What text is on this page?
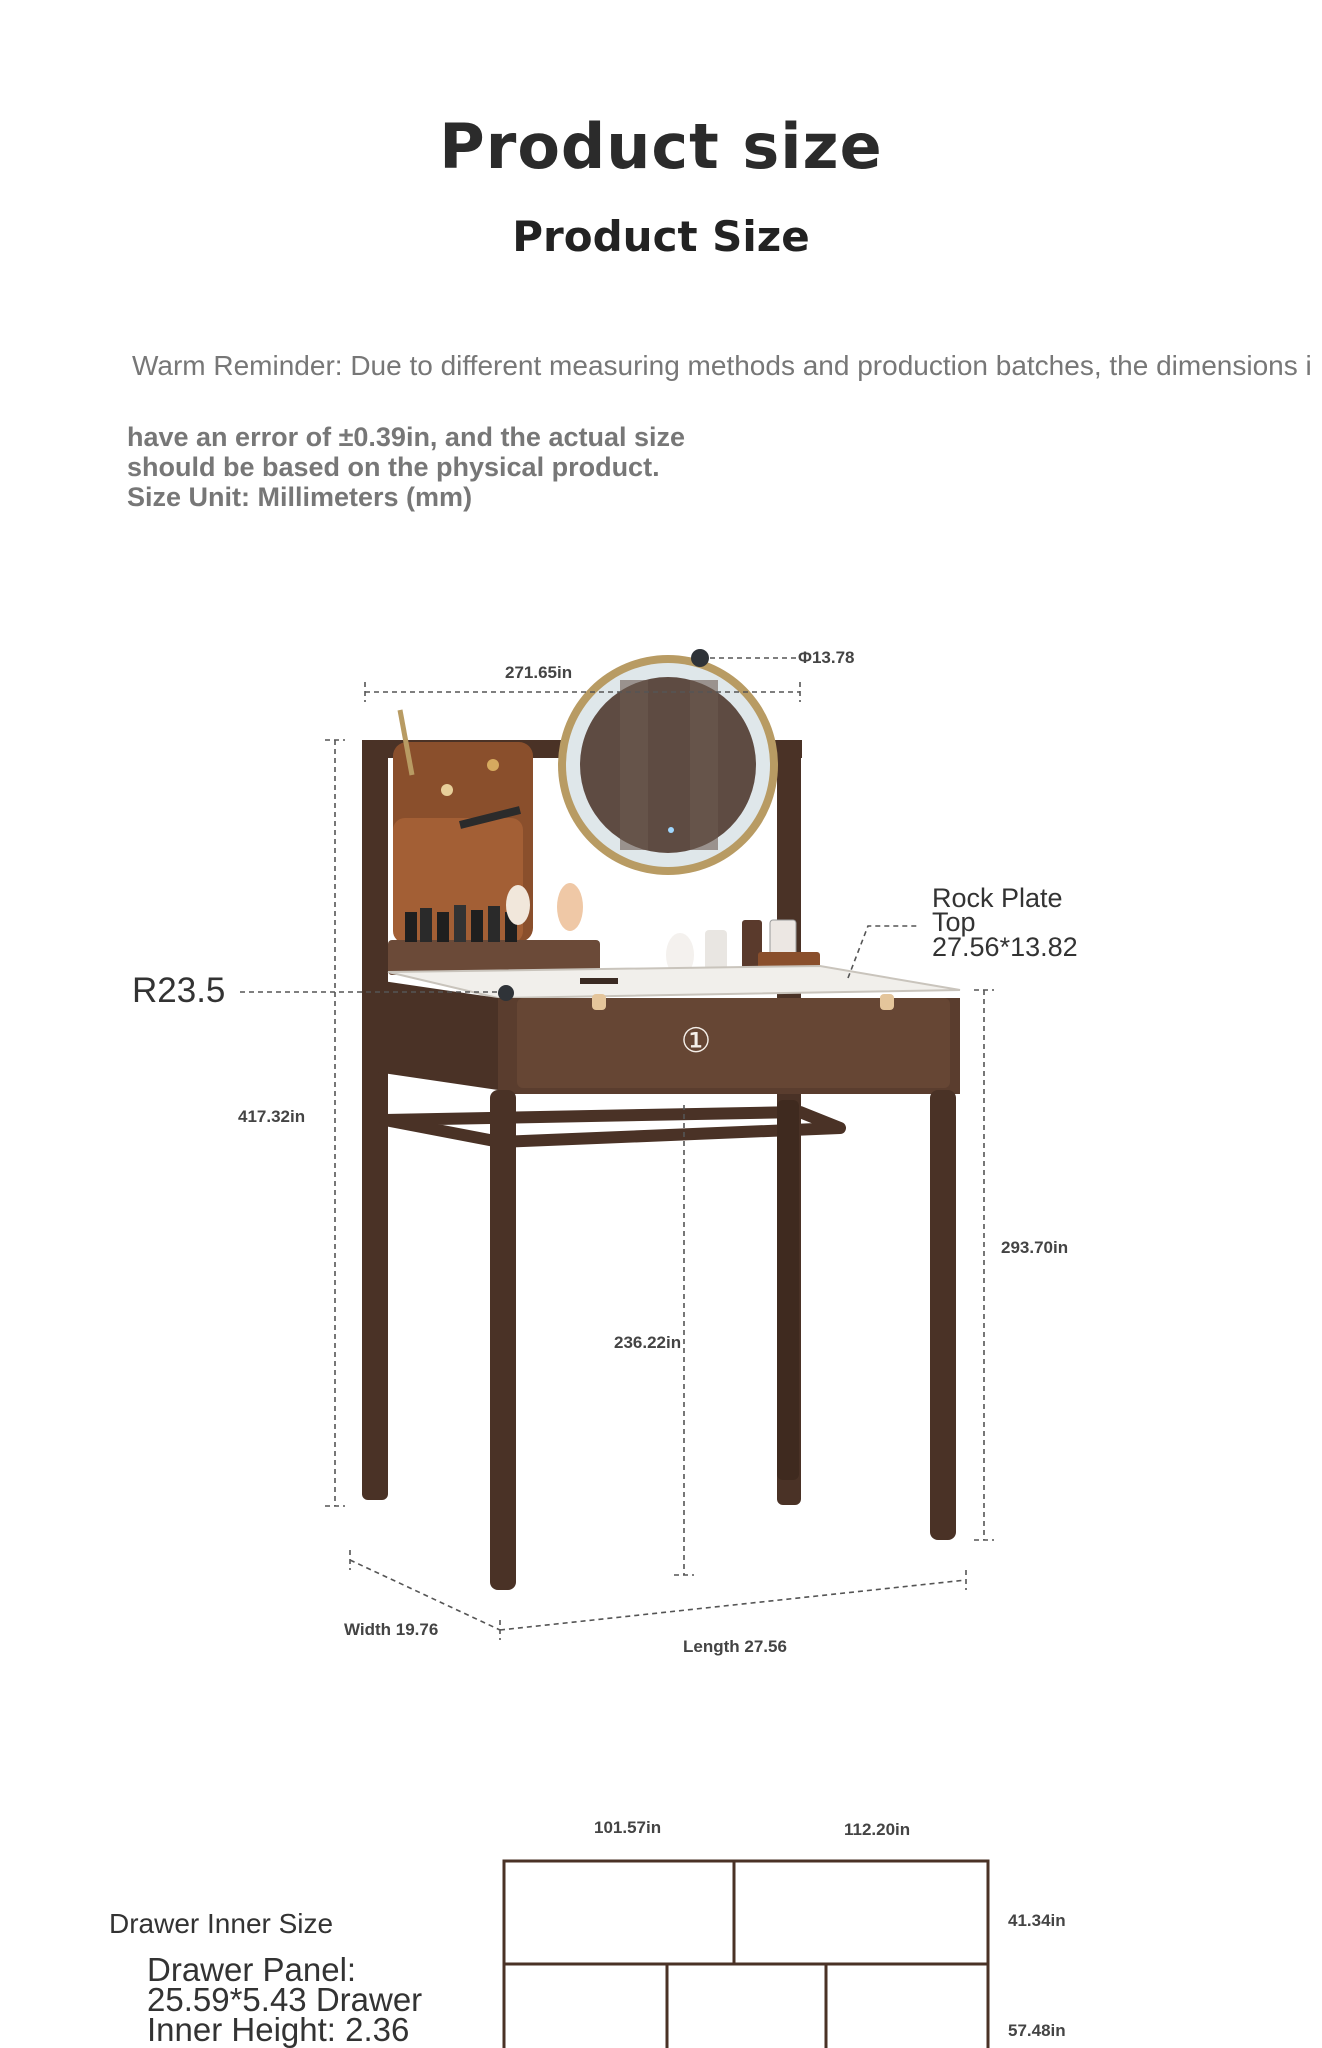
Product size
Product Size
Warm Reminder: Due to different measuring methods and production batches, the dimensions i
have an error of ±0.39in, and the actual size
should be based on the physical product.
Size Unit: Millimeters (mm)
①
Φ13.78
271.65in
Rock Plate
Top
27.56*13.82
R23.5
417.32in
293.70in
236.22in
Width 19.76
Length 27.56
Drawer Inner Size
Drawer Panel:
25.59*5.43 Drawer
Inner Height: 2.36
101.57in	112.20in
41.34in
57.48in
